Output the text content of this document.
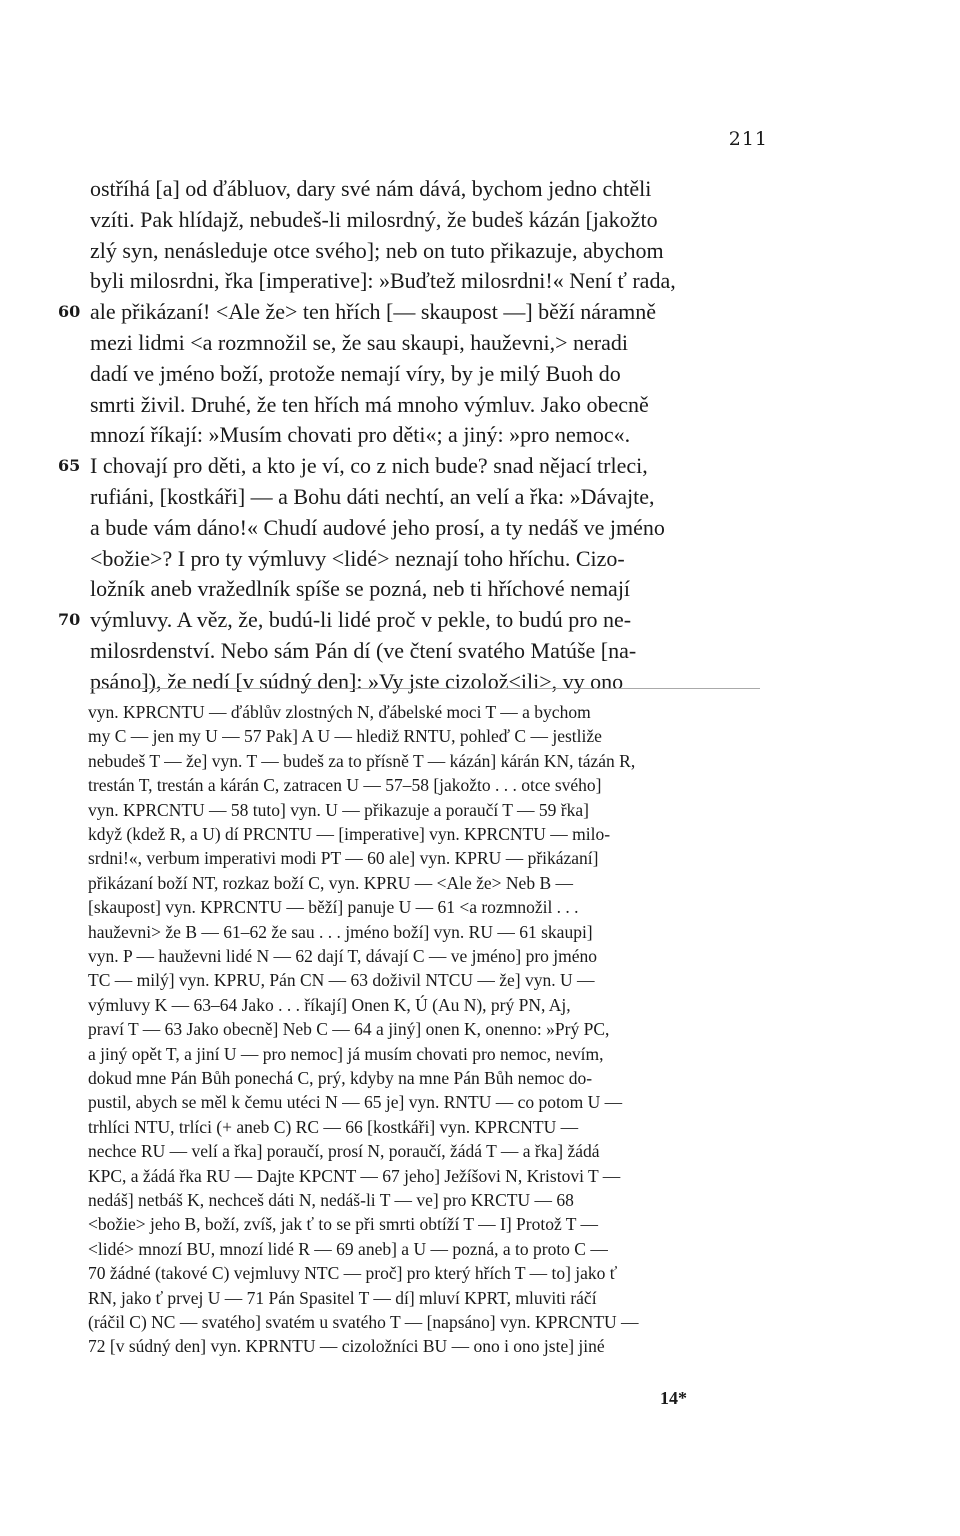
211
ostříhá [a] od ďábluov, dary své nám dává, bychom jedno chtěli
vzíti. Pak hlídajž, nebudeš-li milosrdný, že budeš kázán [jakožto
zlý syn, nenásleduje otce svého]; neb on tuto přikazuje, abychom
byli milosrdni, řka [imperative]: »Buďtež milosrdni!« Není ť rada,
60 ale přikázaní! <Ale že> ten hřích [— skaupost —] běží náramně
mezi lidmi <a rozmnožil se, že sau skaupi, hauževni,> neradi
dadí ve jméno boží, protože nemají víry, by je milý Buoh do
smrti živil. Druhé, že ten hřích má mnoho výmluv. Jako obecně
mnozí říkají: »Musím chovati pro děti«; a jiný: »pro nemoc«.
65 I chovají pro děti, a kto je ví, co z nich bude? snad nějací trleci,
rufiáni, [kostkáři] — a Bohu dáti nechtí, an velí a řka: »Dávajte,
a bude vám dáno!« Chudí audové jeho prosí, a ty nedáš ve jméno
<božie>? I pro ty výmluvy <lidé> neznají toho hříchu. Cizo-
ložník aneb vražedlník spíše se pozná, neb ti hříchové nemají
70 výmluvy. A věz, že, budú-li lidé proč v pekle, to budú pro ne-
milosrdenství. Nebo sám Pán dí (ve čtení svatého Matúše [na-
psáno]), že nedí [v súdný den]: »Vy jste cizolož<ili>, vy ono
vyn. KPRCNTU — ďáblův zlostných N, ďábelské moci T — a bychom
my C — jen my U — 57 Pak] A U — hlediž RNTU, pohleď C — jestliže
nebudeš T — že] vyn. T — budeš za to přísně T — kázán] kárán KN, tázán R,
trestán T, trestán a kárán C, zatracen U — 57–58 [jakožto . . . otce svého]
vyn. KPRCNTU — 58 tuto] vyn. U — přikazuje a poraučí T — 59 řka]
když (kdež R, a U) dí PRCNTU — [imperative] vyn. KPRCNTU — milo-
srdni!«, verbum imperativi modi PT — 60 ale] vyn. KPRU — přikázaní]
přikázaní boží NT, rozkaz boží C, vyn. KPRU — <Ale že> Neb B —
[skaupost] vyn. KPRCNTU — běží] panuje U — 61 <a rozmnožil . . .
hauževni> že B — 61–62 že sau . . . jméno boží] vyn. RU — 61 skaupi]
vyn. P — hauževni lidé N — 62 dají T, dávají C — ve jméno] pro jméno
TC — milý] vyn. KPRU, Pán CN — 63 doživil NTCU — že] vyn. U —
výmluvy K — 63–64 Jako . . . říkají] Onen K, Ú (Au N), prý PN, Aj,
praví T — 63 Jako obecně] Neb C — 64 a jiný] onen K, onenno: »Prý PC,
a jiný opět T, a jiní U — pro nemoc] já musím chovati pro nemoc, nevím,
dokud mne Pán Bůh ponechá C, prý, kdyby na mne Pán Bůh nemoc do-
pustil, abych se měl k čemu utéci N — 65 je] vyn. RNTU — co potom U —
trhlíci NTU, trlíci (+ aneb C) RC — 66 [kostkáři] vyn. KPRCNTU —
nechce RU — velí a řka] poraučí, prosí N, poraučí, žádá T — a řka] žádá
KPC, a žádá řka RU — Dajte KPCNT — 67 jeho] Ježíšovi N, Kristovi T —
nedáš] netbáš K, nechceš dáti N, nedáš-li T — ve] pro KRCTU — 68
<božie> jeho B, boží, zvíš, jak ť to se při smrti obtíží T — I] Protož T —
<lidé> mnozí BU, mnozí lidé R — 69 aneb] a U — pozná, a to proto C —
70 žádné (takové C) vejmluvy NTC — proč] pro který hřích T — to] jako ť
RN, jako ť prvej U — 71 Pán Spasitel T — dí] mluví KPRT, mluviti ráčí
(ráčil C) NC — svatého] svatém u svatého T — [napsáno] vyn. KPRCNTU —
72 [v súdný den] vyn. KPRNTU — cizoložníci BU — ono i ono jste] jiné
14*
